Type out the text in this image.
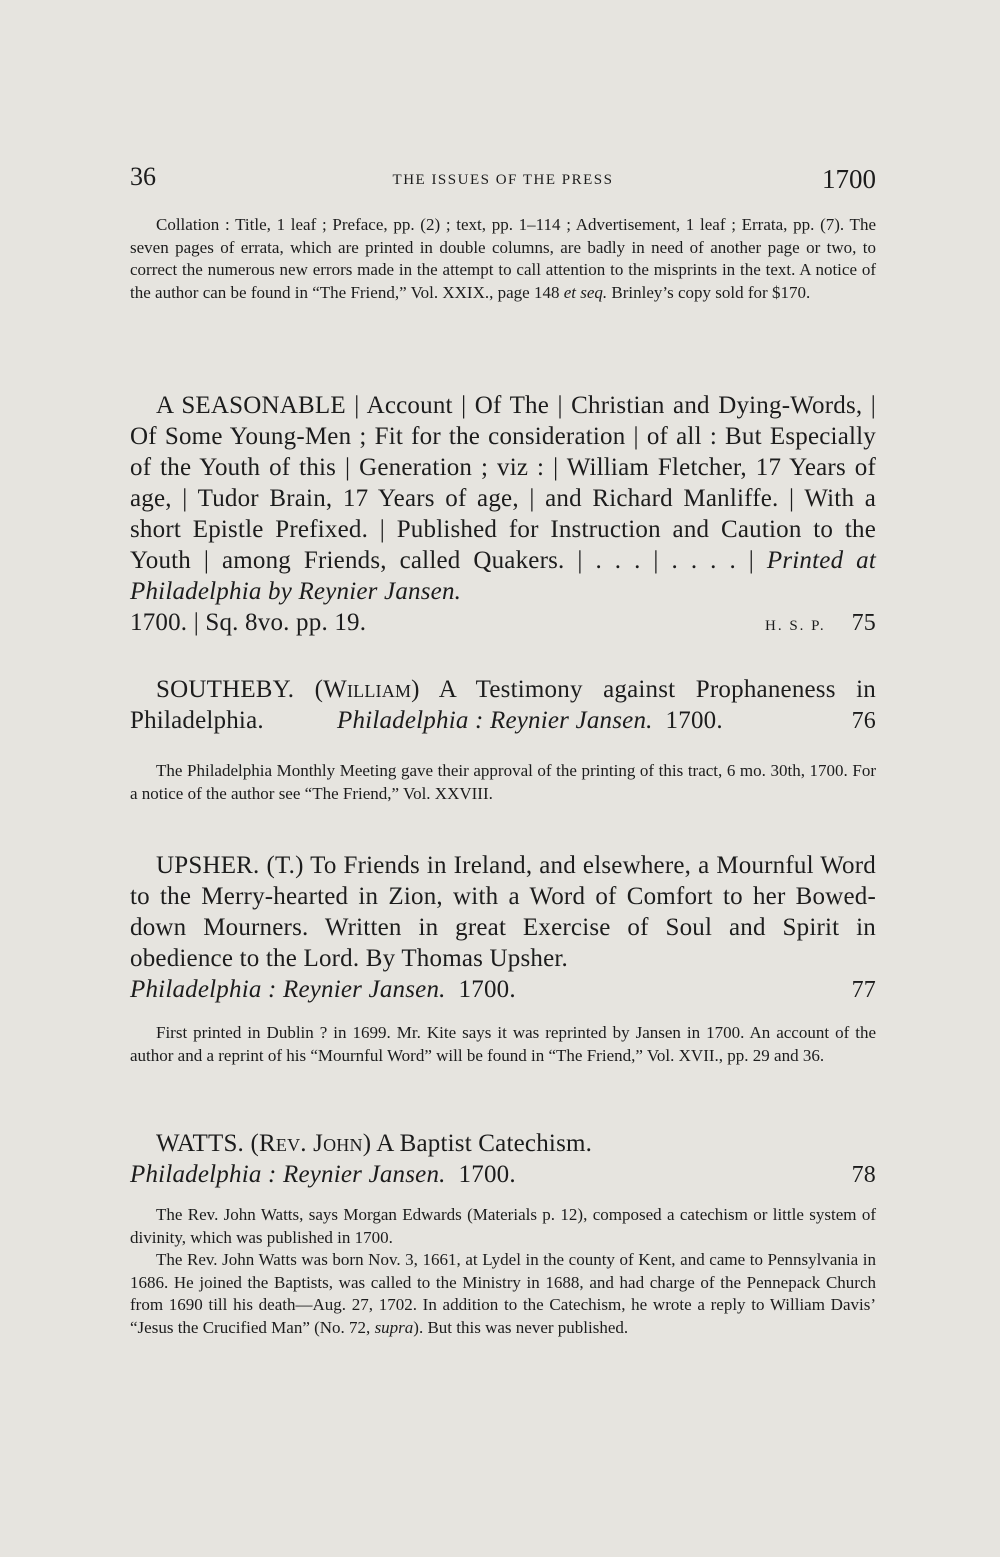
36	THE ISSUES OF THE PRESS	1700
Collation : Title, 1 leaf ; Preface, pp. (2) ; text, pp. 1–114 ; Advertisement, 1 leaf ; Errata, pp. (7). The seven pages of errata, which are printed in double columns, are badly in need of another page or two, to correct the numerous new errors made in the attempt to call attention to the misprints in the text. A notice of the author can be found in “The Friend,” Vol. XXIX., page 148 et seq. Brinley’s copy sold for $170.
A SEASONABLE | Account | Of The | Christian and Dying-Words, | Of Some Young-Men ; Fit for the consideration | of all : But Especially of the Youth of this | Generation ; viz : | William Fletcher, 17 Years of age, | Tudor Brain, 17 Years of age, | and Richard Manliffe. | With a short Epistle Prefixed. | Published for Instruction and Caution to the Youth | among Friends, called Quakers. | . . . | . . . . | Printed at Philadelphia by Reynier Jansen.
1700. | Sq. 8vo. pp. 19.	H. S. P. 75
SOUTHEBY. (William) A Testimony against Prophaneness in Philadelphia.	Philadelphia : Reynier Jansen. 1700.	76
The Philadelphia Monthly Meeting gave their approval of the printing of this tract, 6 mo. 30th, 1700. For a notice of the author see “The Friend,” Vol. XXVIII.
UPSHER. (T.) To Friends in Ireland, and elsewhere, a Mournful Word to the Merry-hearted in Zion, with a Word of Comfort to her Bowed-down Mourners. Written in great Exercise of Soul and Spirit in obedience to the Lord. By Thomas Upsher.
Philadelphia : Reynier Jansen. 1700.	77
First printed in Dublin ? in 1699. Mr. Kite says it was reprinted by Jansen in 1700. An account of the author and a reprint of his “Mournful Word” will be found in “The Friend,” Vol. XVII., pp. 29 and 36.
WATTS. (Rev. John) A Baptist Catechism.
Philadelphia : Reynier Jansen. 1700.	78
The Rev. John Watts, says Morgan Edwards (Materials p. 12), composed a catechism or little system of divinity, which was published in 1700.
The Rev. John Watts was born Nov. 3, 1661, at Lydel in the county of Kent, and came to Pennsylvania in 1686. He joined the Baptists, was called to the Ministry in 1688, and had charge of the Pennepack Church from 1690 till his death—Aug. 27, 1702. In addition to the Catechism, he wrote a reply to William Davis’ “Jesus the Crucified Man” (No. 72, supra). But this was never published.
